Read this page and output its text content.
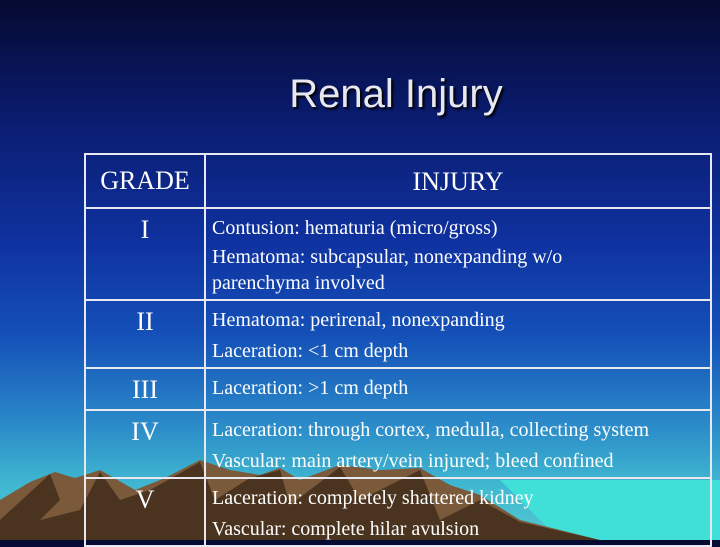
Renal Injury
GRADE	INJURY
I	Contusion: hematuria (micro/gross)
Hematoma: subcapsular, nonexpanding w/o parenchyma involved

II	Hematoma: perirenal, nonexpanding
Laceration: <1 cm depth

III	Laceration: >1 cm depth

IV	Laceration: through cortex, medulla, collecting system
Vascular: main artery/vein injured; bleed confined

V	Laceration: completely shattered kidney
Vascular: complete hilar avulsion
